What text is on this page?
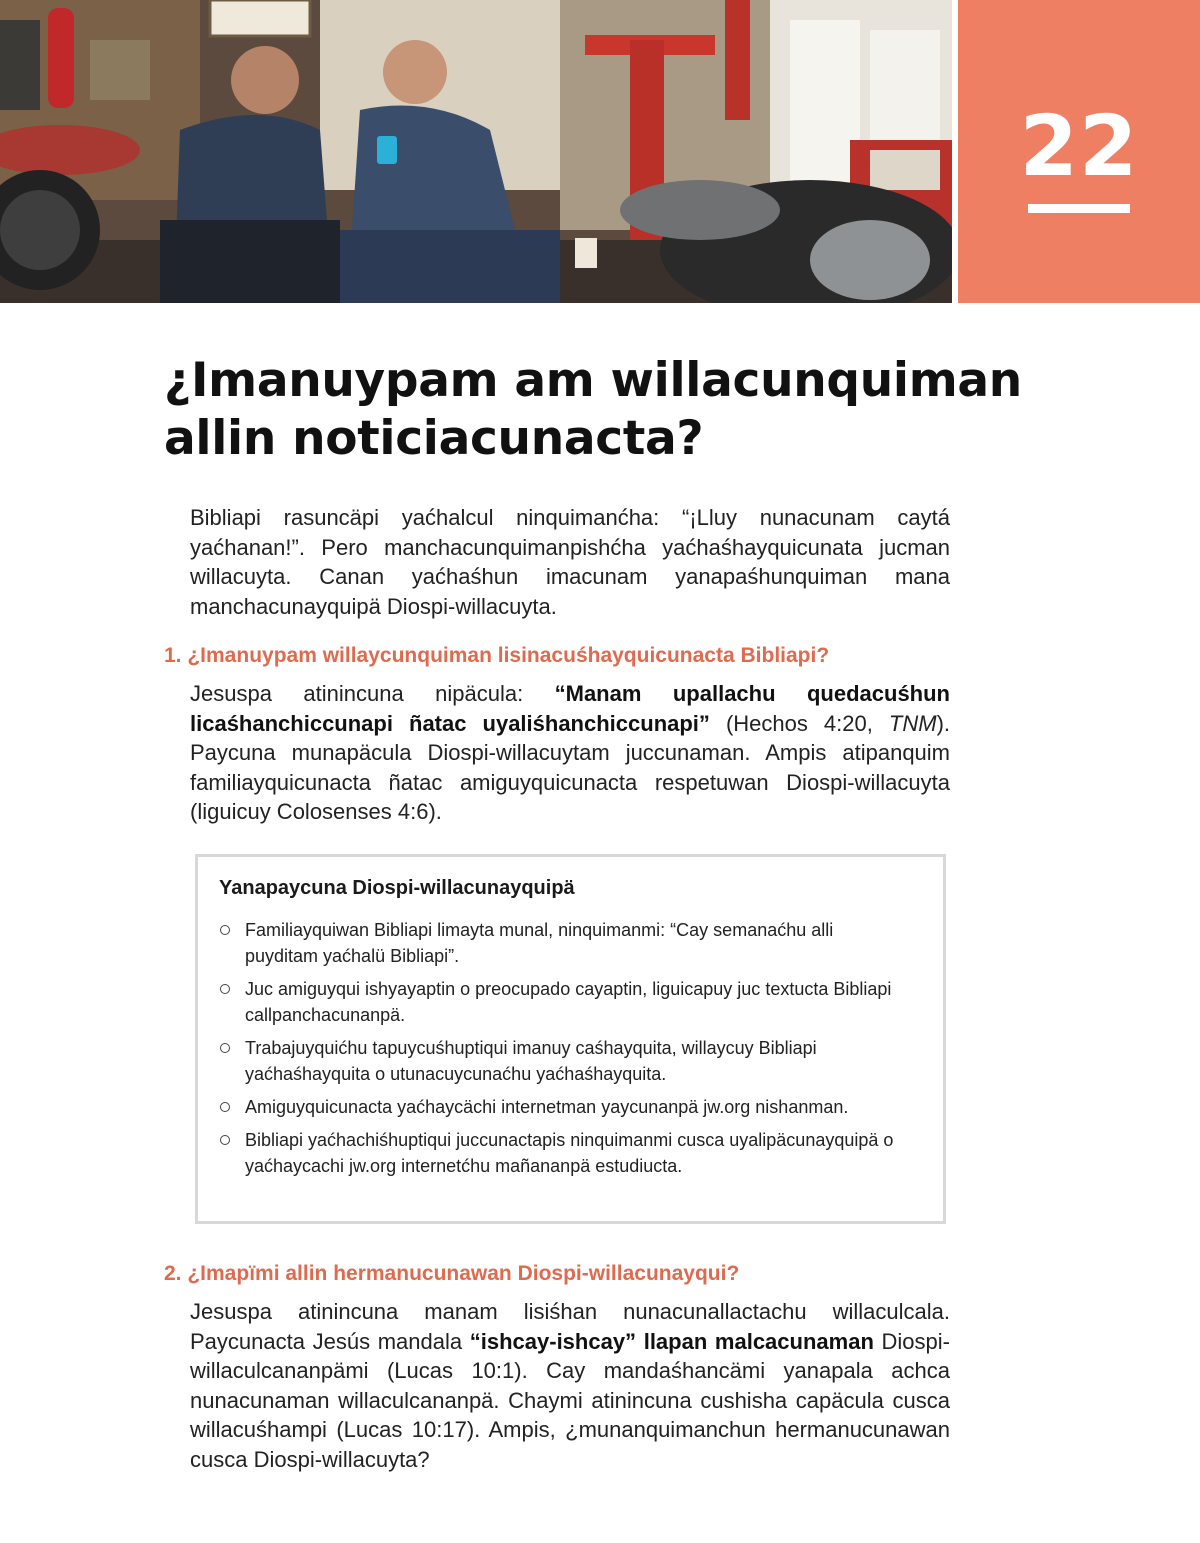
22
¿Imanuypam am willacunquiman allin noticiacunacta?

Bibliapi rasuncäpi yaćhalcul ninquimanćha: “¡Lluy nunacunam caytá yaćhanan!”. Pero manchacunquimanpishćha yaćhaśhayquicunata jucman willacuyta. Canan yaćhaśhun imacunam yanapaśhunquiman mana manchacunayquipä Diospi-willacuyta.

1. ¿Imanuypam willaycunquiman lisinacuśhayquicunacta Bibliapi?

Jesuspa atinincuna nipäcula: “Manam upallachu quedacuśhun licaśhanchiccunapi ñatac uyaliśhanchiccunapi” (Hechos 4:20, TNM). Paycuna munapäcula Diospi-willacuytam juccunaman. Ampis atipanquim familiayquicunacta ñatac amiguyquicunacta respetuwan Diospi-willacuyta (liguicuy Colosenses 4:6).

Yanapaycuna Diospi-willacunayquipä
Familiayquiwan Bibliapi limayta munal, ninquimanmi: “Cay semanaćhu alli puyditam yaćhalü Bibliapi”.
Juc amiguyqui ishyayaptin o preocupado cayaptin, liguicapuy juc textucta Bibliapi callpanchacunanpä.
Trabajuyquićhu tapuycuśhuptiqui imanuy caśhayquita, willaycuy Bibliapi yaćhaśhayquita o utunacuycunaćhu yaćhaśhayquita.
Amiguyquicunacta yaćhaycächi internetman yaycunanpä jw.org nishanman.
Bibliapi yaćhachiśhuptiqui juccunactapis ninquimanmi cusca uyalipäcunayquipä o yaćhaycachi jw.org internetćhu mañananpä estudiucta.
2. ¿Imapïmi allin hermanucunawan Diospi-willacunayqui?

Jesuspa atinincuna manam lisiśhan nunacunallactachu willaculcala. Paycunacta Jesús mandala “ishcay-ishcay” llapan malcacunaman Diospi-willaculcananpämi (Lucas 10:1). Cay mandaśhancämi yanapala achca nunacunaman willaculcananpä. Chaymi atinincuna cushisha capäcula cusca willacuśhampi (Lucas 10:17). Ampis, ¿munanquimanchun hermanucunawan cusca Diospi-willacuyta?
